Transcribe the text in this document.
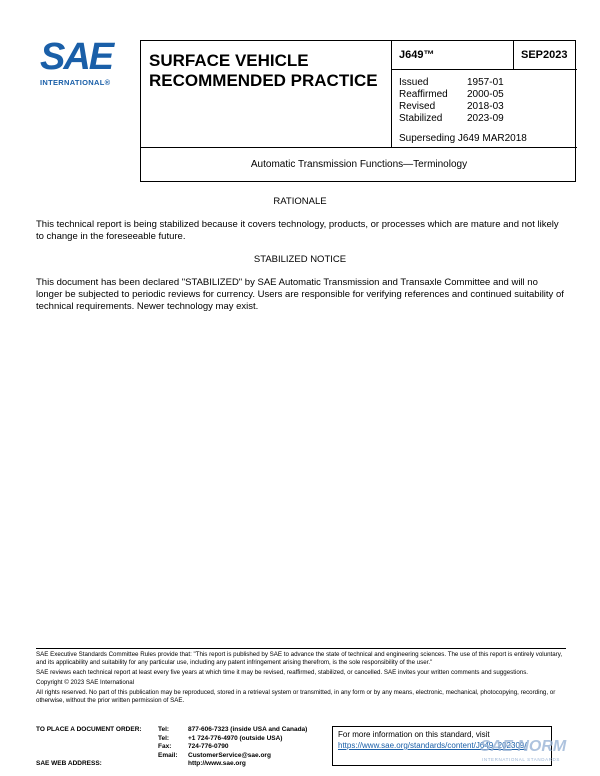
SAE
INTERNATIONAL®
SURFACE VEHICLE
RECOMMENDED PRACTICE
J649™	SEP2023
Issued	1957-01
Reaffirmed	2000-05
Revised	2018-03
Stabilized	2023-09
Superseding J649 MAR2018
Automatic Transmission Functions—Terminology
RATIONALE
This technical report is being stabilized because it covers technology, products, or processes which are mature and not likely to change in the foreseeable future.
STABILIZED NOTICE
This document has been declared "STABILIZED" by SAE Automatic Transmission and Transaxle Committee and will no longer be subjected to periodic reviews for currency. Users are responsible for verifying references and continued suitability of technical requirements. Newer technology may exist.

SAE Executive Standards Committee Rules provide that: "This report is published by SAE to advance the state of technical and engineering sciences. The use of this report is entirely voluntary, and its applicability and suitability for any particular use, including any patent infringement arising therefrom, is the sole responsibility of the user."

SAE reviews each technical report at least every five years at which time it may be revised, reaffirmed, stabilized, or cancelled. SAE invites your written comments and suggestions.

Copyright © 2023 SAE International

All rights reserved. No part of this publication may be reproduced, stored in a retrieval system or transmitted, in any form or by any means, electronic, mechanical, photocopying, recording, or otherwise, without the prior written permission of SAE.

TO PLACE A DOCUMENT ORDER:	Tel:	877-606-7323 (inside USA and Canada)
Tel:	+1 724-776-4970 (outside USA)
Fax:	724-776-0790
Email:	CustomerService@sae.org
SAE WEB ADDRESS:	http://www.sae.org
For more information on this standard, visit
https://www.sae.org/standards/content/J649_202309/
SAE NORM
INTERNATIONAL STANDARDS
